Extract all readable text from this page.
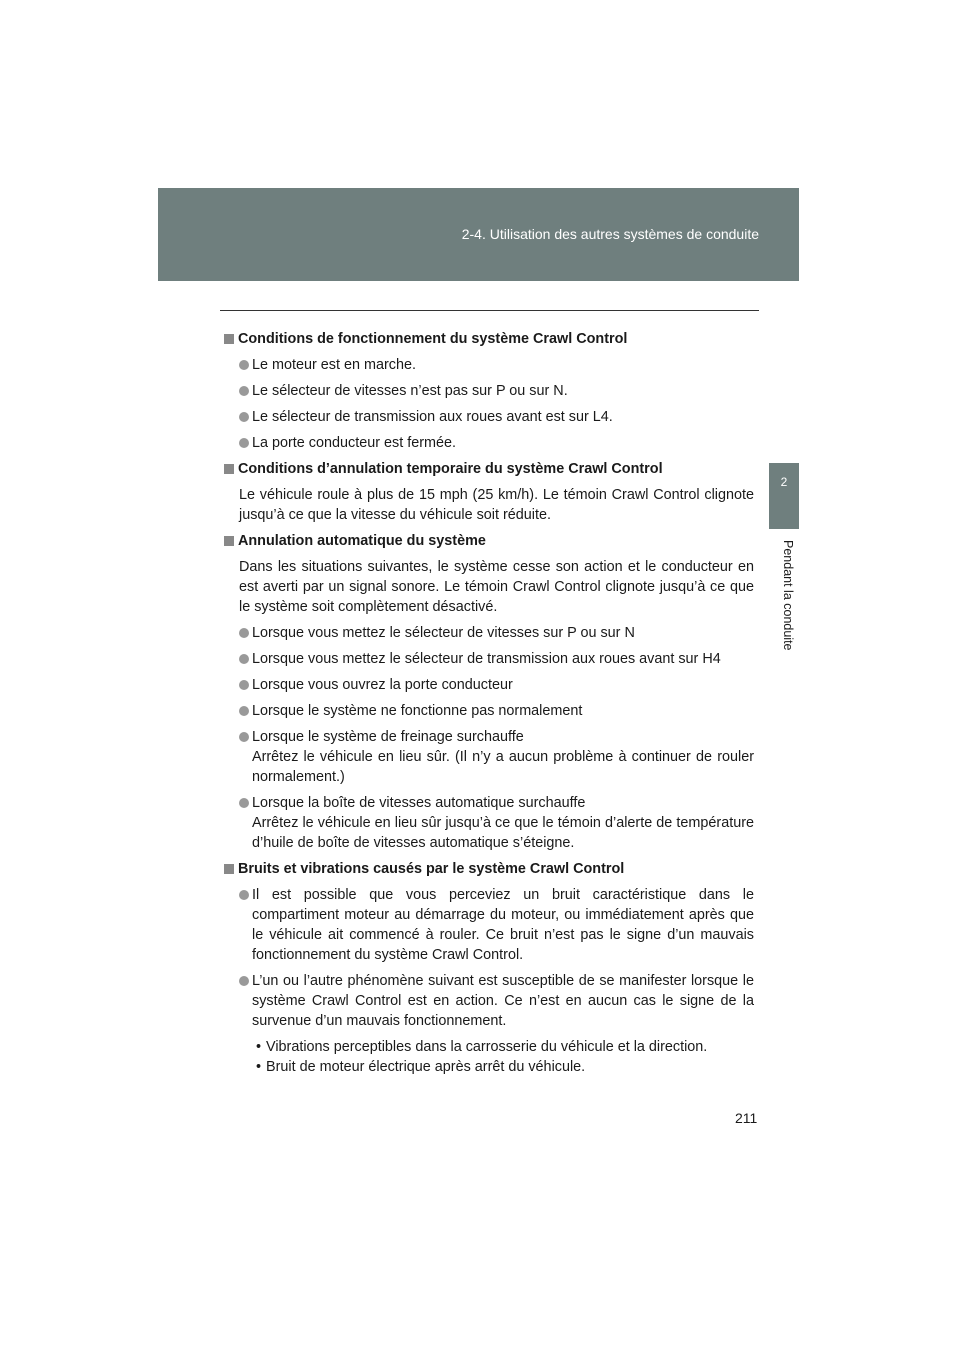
2-4. Utilisation des autres systèmes de conduite
2
Pendant la conduite
Conditions de fonctionnement du système Crawl Control
Le moteur est en marche.
Le sélecteur de vitesses n’est pas sur P ou sur N.
Le sélecteur de transmission aux roues avant est sur L4.
La porte conducteur est fermée.
Conditions d’annulation temporaire du système Crawl Control
Le véhicule roule à plus de 15 mph (25 km/h). Le témoin Crawl Control clignote jusqu’à ce que la vitesse du véhicule soit réduite.
Annulation automatique du système
Dans les situations suivantes, le système cesse son action et le conducteur en est averti par un signal sonore. Le témoin Crawl Control clignote jusqu’à ce que le système soit complètement désactivé.
Lorsque vous mettez le sélecteur de vitesses sur P ou sur N
Lorsque vous mettez le sélecteur de transmission aux roues avant sur H4
Lorsque vous ouvrez la porte conducteur
Lorsque le système ne fonctionne pas normalement
Lorsque le système de freinage surchauffe
Arrêtez le véhicule en lieu sûr. (Il n’y a aucun problème à continuer de rouler normalement.)
Lorsque la boîte de vitesses automatique surchauffe
Arrêtez le véhicule en lieu sûr jusqu’à ce que le témoin d’alerte de température d’huile de boîte de vitesses automatique s’éteigne.
Bruits et vibrations causés par le système Crawl Control
Il est possible que vous perceviez un bruit caractéristique dans le compartiment moteur au démarrage du moteur, ou immédiatement après que le véhicule ait commencé à rouler. Ce bruit n’est pas le signe d’un mauvais fonctionnement du système Crawl Control.
L’un ou l’autre phénomène suivant est susceptible de se manifester lorsque le système Crawl Control est en action. Ce n’est en aucun cas le signe de la survenue d’un mauvais fonctionnement.
• Vibrations perceptibles dans la carrosserie du véhicule et la direction.
• Bruit de moteur électrique après arrêt du véhicule.
211
